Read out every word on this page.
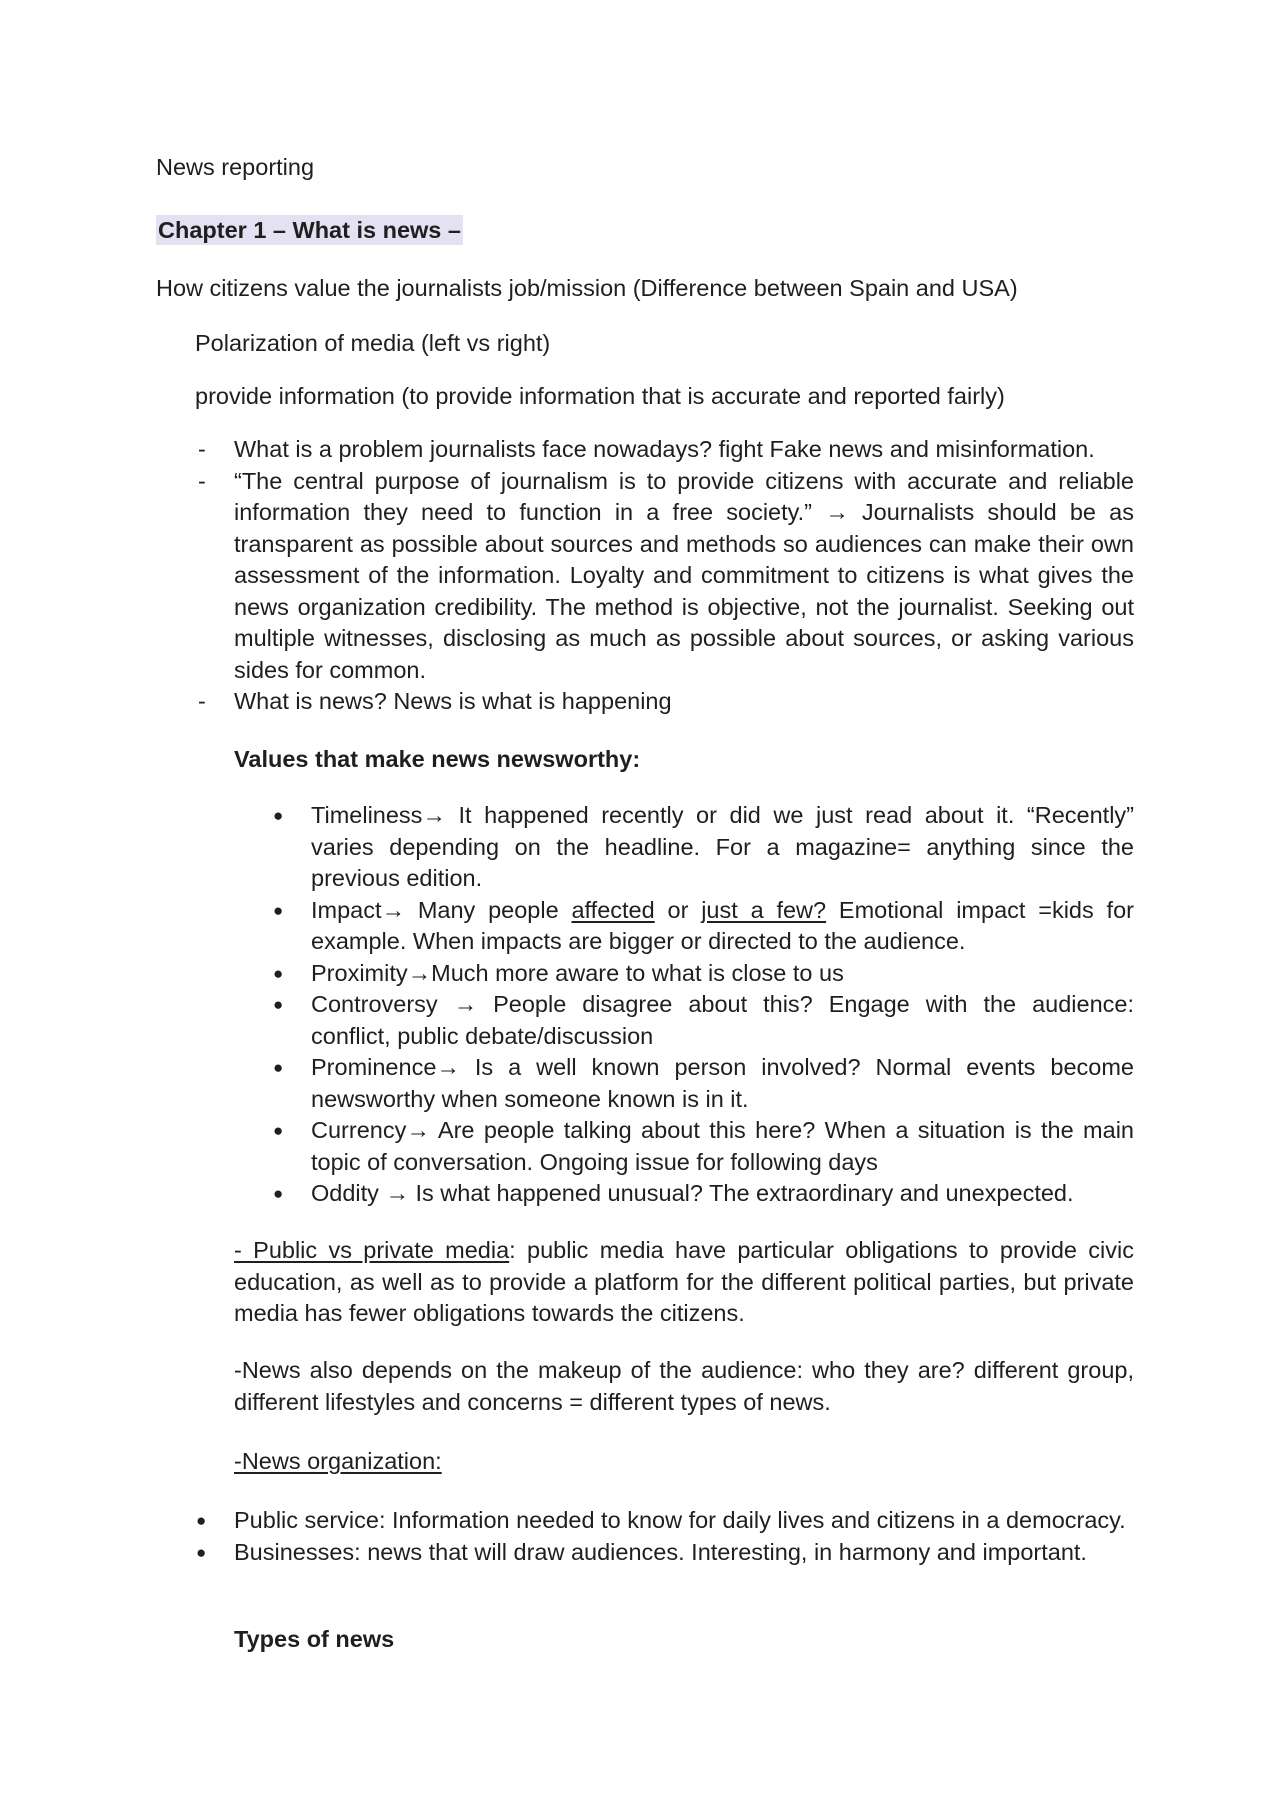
News reporting
Chapter 1 – What is news –
How citizens value the journalists job/mission (Difference between Spain and USA)
Polarization of media (left vs right)
provide information (to provide information that is accurate and reported fairly)
- What is a problem journalists face nowadays? fight Fake news and misinformation.
- “The central purpose of journalism is to provide citizens with accurate and reliable information they need to function in a free society.” → Journalists should be as transparent as possible about sources and methods so audiences can make their own assessment of the information. Loyalty and commitment to citizens is what gives the news organization credibility. The method is objective, not the journalist. Seeking out multiple witnesses, disclosing as much as possible about sources, or asking various sides for common.
- What is news? News is what is happening
Values that make news newsworthy:
● Timeliness→ It happened recently or did we just read about it. “Recently” varies depending on the headline. For a magazine= anything since the previous edition.
● Impact→ Many people affected or just a few? Emotional impact =kids for example. When impacts are bigger or directed to the audience.
● Proximity→Much more aware to what is close to us
● Controversy → People disagree about this? Engage with the audience: conflict, public debate/discussion
● Prominence→ Is a well known person involved? Normal events become newsworthy when someone known is in it.
● Currency→ Are people talking about this here? When a situation is the main topic of conversation. Ongoing issue for following days
● Oddity → Is what happened unusual? The extraordinary and unexpected.
- Public vs private media: public media have particular obligations to provide civic education, as well as to provide a platform for the different political parties, but private media has fewer obligations towards the citizens.
-News also depends on the makeup of the audience: who they are? different group, different lifestyles and concerns = different types of news.
-News organization:
● Public service: Information needed to know for daily lives and citizens in a democracy.
● Businesses: news that will draw audiences. Interesting, in harmony and important.
Types of news
